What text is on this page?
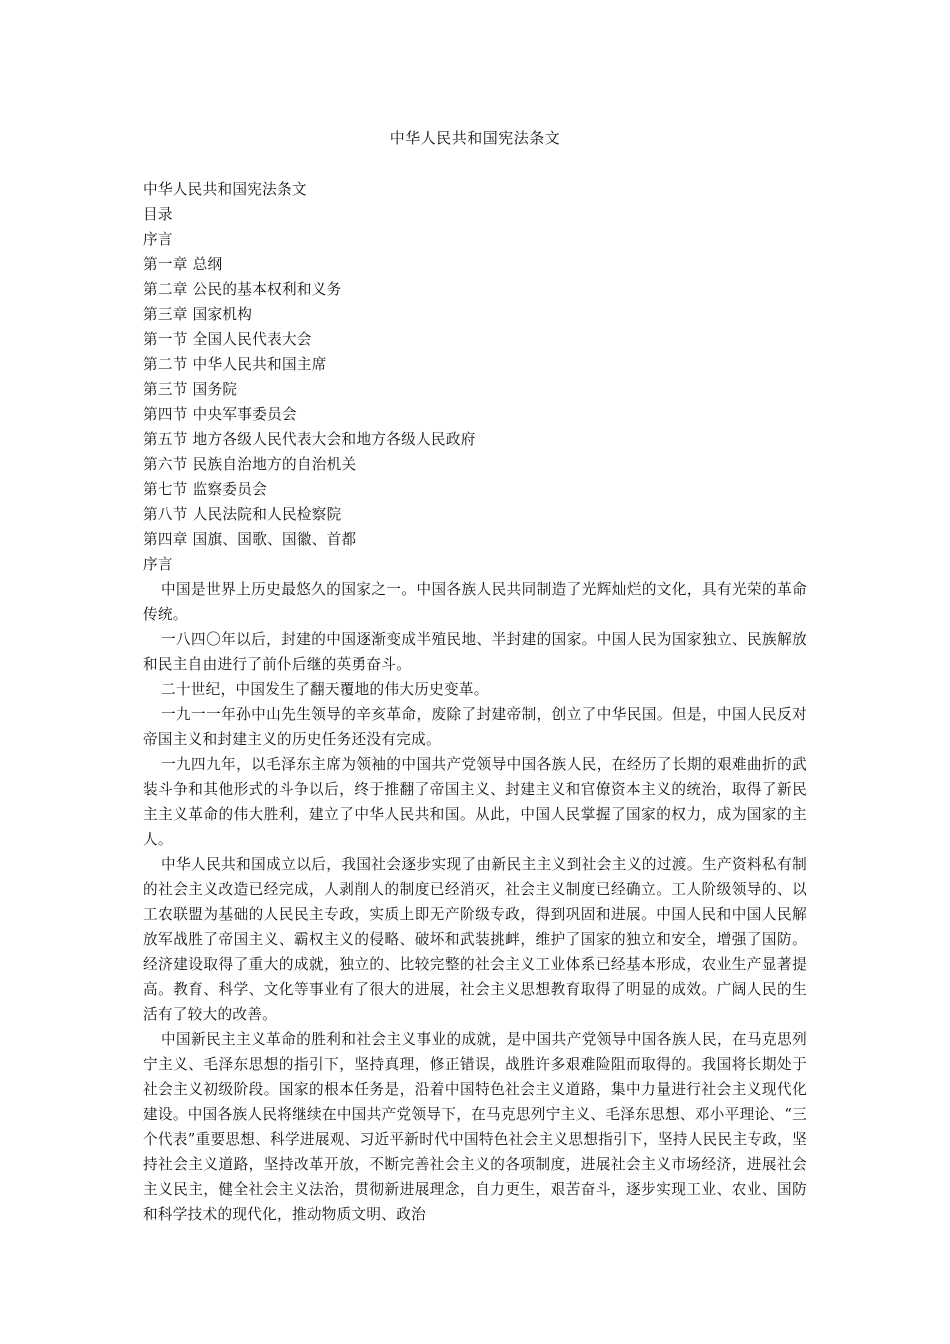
中华人民共和国宪法条文

中华人民共和国宪法条文

目录

序言

第一章 总纲

第二章 公民的基本权利和义务

第三章 国家机构

第一节 全国人民代表大会

第二节 中华人民共和国主席

第三节 国务院

第四节 中央军事委员会

第五节 地方各级人民代表大会和地方各级人民政府

第六节 民族自治地方的自治机关

第七节 监察委员会

第八节 人民法院和人民检察院

第四章 国旗、国歌、国徽、首都

序言

中国是世界上历史最悠久的国家之一。中国各族人民共同制造了光辉灿烂的文化，具有光荣的革命传统。

一八四〇年以后，封建的中国逐渐变成半殖民地、半封建的国家。中国人民为国家独立、民族解放和民主自由进行了前仆后继的英勇奋斗。

二十世纪，中国发生了翻天覆地的伟大历史变革。

一九一一年孙中山先生领导的辛亥革命，废除了封建帝制，创立了中华民国。但是，中国人民反对帝国主义和封建主义的历史任务还没有完成。

一九四九年，以毛泽东主席为领袖的中国共产党领导中国各族人民，在经历了长期的艰难曲折的武装斗争和其他形式的斗争以后，终于推翻了帝国主义、封建主义和官僚资本主义的统治，取得了新民主主义革命的伟大胜利，建立了中华人民共和国。从此，中国人民掌握了国家的权力，成为国家的主人。

中华人民共和国成立以后，我国社会逐步实现了由新民主主义到社会主义的过渡。生产资料私有制的社会主义改造已经完成，人剥削人的制度已经消灭，社会主义制度已经确立。工人阶级领导的、以工农联盟为基础的人民民主专政，实质上即无产阶级专政，得到巩固和进展。中国人民和中国人民解放军战胜了帝国主义、霸权主义的侵略、破坏和武装挑衅，维护了国家的独立和安全，增强了国防。经济建设取得了重大的成就，独立的、比较完整的社会主义工业体系已经基本形成，农业生产显著提高。教育、科学、文化等事业有了很大的进展，社会主义思想教育取得了明显的成效。广阔人民的生活有了较大的改善。

中国新民主主义革命的胜利和社会主义事业的成就，是中国共产党领导中国各族人民，在马克思列宁主义、毛泽东思想的指引下，坚持真理，修正错误，战胜许多艰难险阻而取得的。我国将长期处于社会主义初级阶段。国家的根本任务是，沿着中国特色社会主义道路，集中力量进行社会主义现代化建设。中国各族人民将继续在中国共产党领导下，在马克思列宁主义、毛泽东思想、邓小平理论、“三个代表”重要思想、科学进展观、习近平新时代中国特色社会主义思想指引下，坚持人民民主专政，坚持社会主义道路，坚持改革开放，不断完善社会主义的各项制度，进展社会主义市场经济，进展社会主义民主，健全社会主义法治，贯彻新进展理念，自力更生，艰苦奋斗，逐步实现工业、农业、国防和科学技术的现代化，推动物质文明、政治
